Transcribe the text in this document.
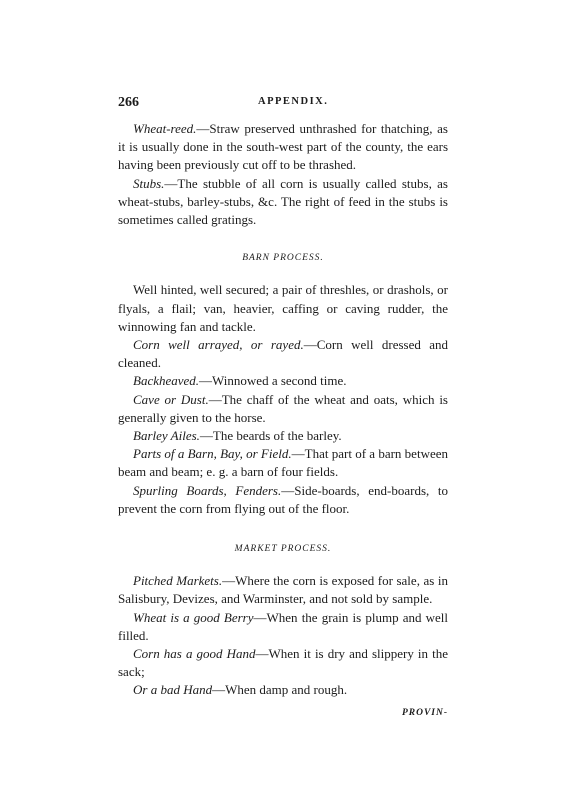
266	APPENDIX.

Wheat-reed.—Straw preserved unthrashed for thatching, as it is usually done in the south-west part of the county, the ears having been previously cut off to be thrashed.

Stubs.—The stubble of all corn is usually called stubs, as wheat-stubs, barley-stubs, &c. The right of feed in the stubs is sometimes called gratings.

BARN PROCESS.

Well hinted, well secured; a pair of threshles, or drashols, or flyals, a flail; van, heavier, caffing or caving rudder, the winnowing fan and tackle.

Corn well arrayed, or rayed.—Corn well dressed and cleaned.

Backheaved.—Winnowed a second time.

Cave or Dust.—The chaff of the wheat and oats, which is generally given to the horse.

Barley Ailes.—The beards of the barley.

Parts of a Barn, Bay, or Field.—That part of a barn between beam and beam; e. g. a barn of four fields.

Spurling Boards, Fenders.—Side-boards, end-boards, to prevent the corn from flying out of the floor.

MARKET PROCESS.

Pitched Markets.—Where the corn is exposed for sale, as in Salisbury, Devizes, and Warminster, and not sold by sample.

Wheat is a good Berry—When the grain is plump and well filled.

Corn has a good Hand—When it is dry and slippery in the sack;

Or a bad Hand—When damp and rough.

PROVIN-
